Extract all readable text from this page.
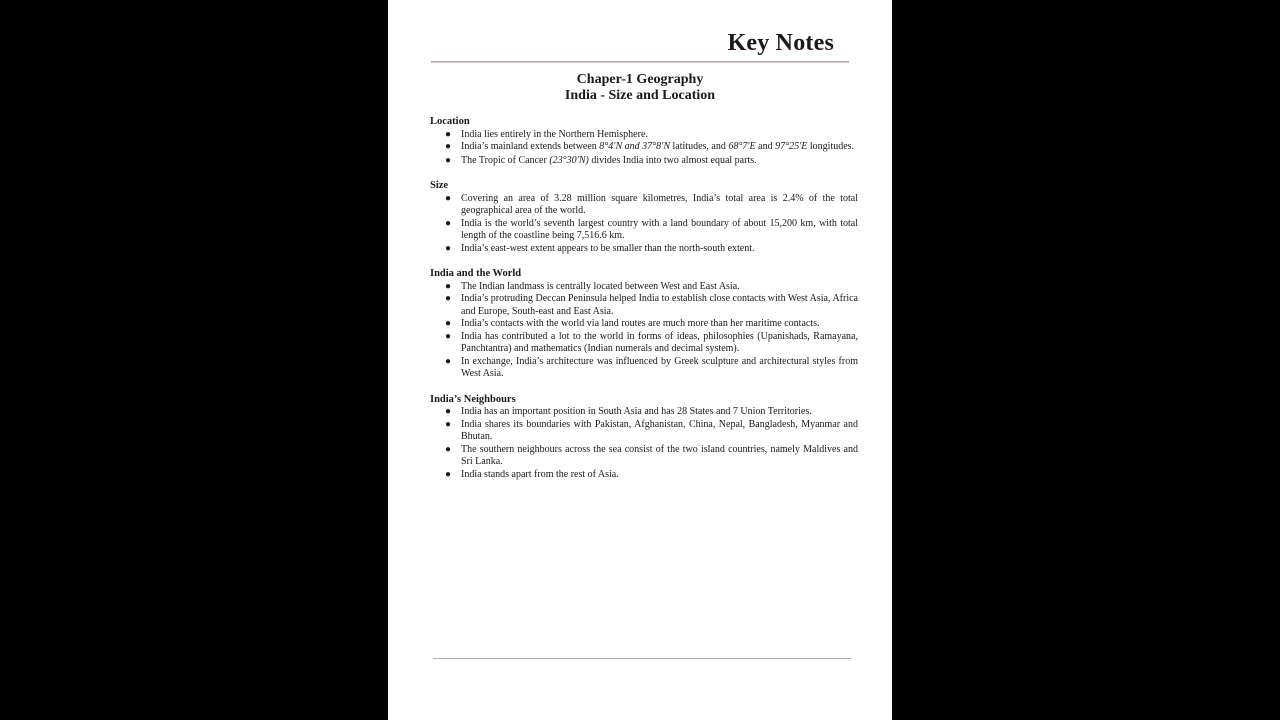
Key Notes
Chaper-1 Geography
India - Size and Location

Location

● India lies entirely in the Northern Hemisphere.
● India’s mainland extends between 8°4′N and 37°8′N latitudes, and 68°7′E and 97°25′E longitudes.
● The Tropic of Cancer (23°30′N) divides India into two almost equal parts.

Size

● Covering an area of 3.28 million square kilometres, India’s total area is 2.4% of the total geographical area of the world.
● India is the world’s seventh largest country with a land boundary of about 15,200 km, with total length of the coastline being 7,516.6 km.
● India’s east-west extent appears to be smaller than the north-south extent.

India and the World

● The Indian landmass is centrally located between West and East Asia.
● India’s protruding Deccan Peninsula helped India to establish close contacts with West Asia, Africa and Europe, South-east and East Asia.
● India’s contacts with the world via land routes are much more than her maritime contacts.
● India has contributed a lot to the world in forms of ideas, philosophies (Upanishads, Ramayana, Panchtantra) and mathematics (Indian numerals and decimal system).
● In exchange, India’s architecture was influenced by Greek sculpture and architectural styles from West Asia.

India’s Neighbours

● India has an important position in South Asia and has 28 States and 7 Union Territories.
● India shares its boundaries with Pakistan, Afghanistan, China, Nepal, Bangladesh, Myanmar and Bhutan.
● The southern neighbours across the sea consist of the two island countries, namely Maldives and Sri Lanka.
● India stands apart from the rest of Asia.
